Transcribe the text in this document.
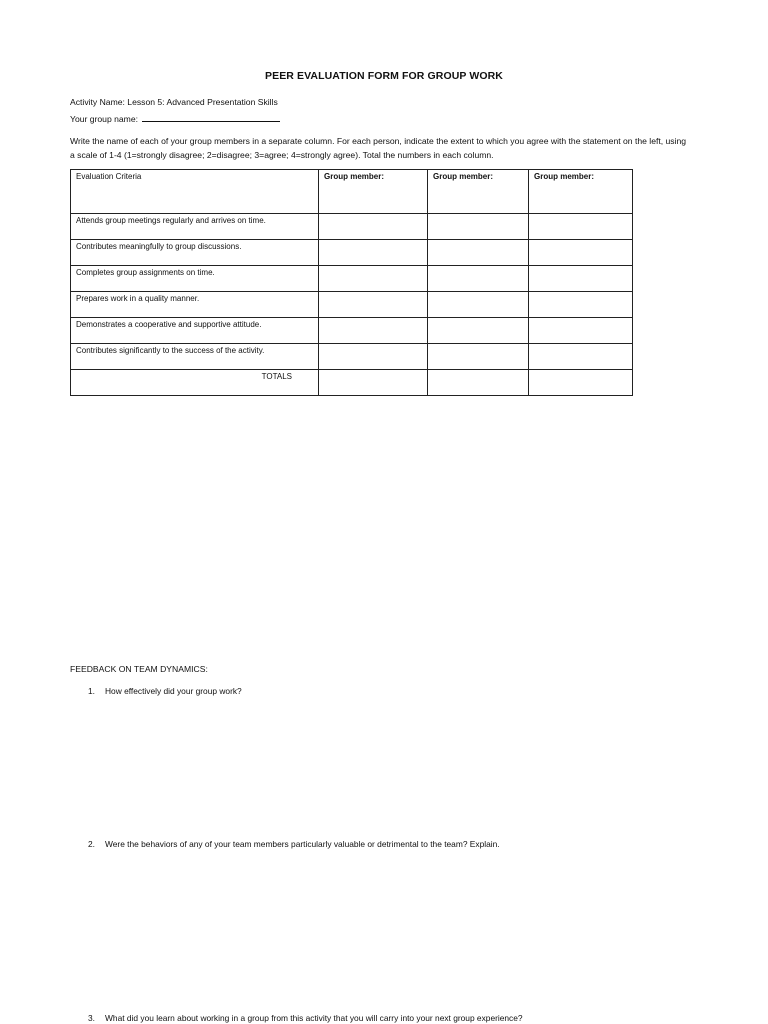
PEER EVALUATION FORM FOR GROUP WORK
Activity Name: Lesson 5: Advanced Presentation Skills
Your group name:
Write the name of each of your group members in a separate column. For each person, indicate the extent to which you agree with the statement on the left, using a scale of 1-4 (1=strongly disagree; 2=disagree; 3=agree; 4=strongly agree). Total the numbers in each column.
Evaluation Criteria	Group member:	Group member:	Group member:
Attends group meetings regularly and arrives on time.			
Contributes meaningfully to group discussions.			
Completes group assignments on time.			
Prepares work in a quality manner.			
Demonstrates a cooperative and supportive attitude.			
Contributes significantly to the success of the activity.			
TOTALS			
FEEDBACK ON TEAM DYNAMICS:
1. How effectively did your group work?
2. Were the behaviors of any of your team members particularly valuable or detrimental to the team? Explain.
3. What did you learn about working in a group from this activity that you will carry into your next group experience?
